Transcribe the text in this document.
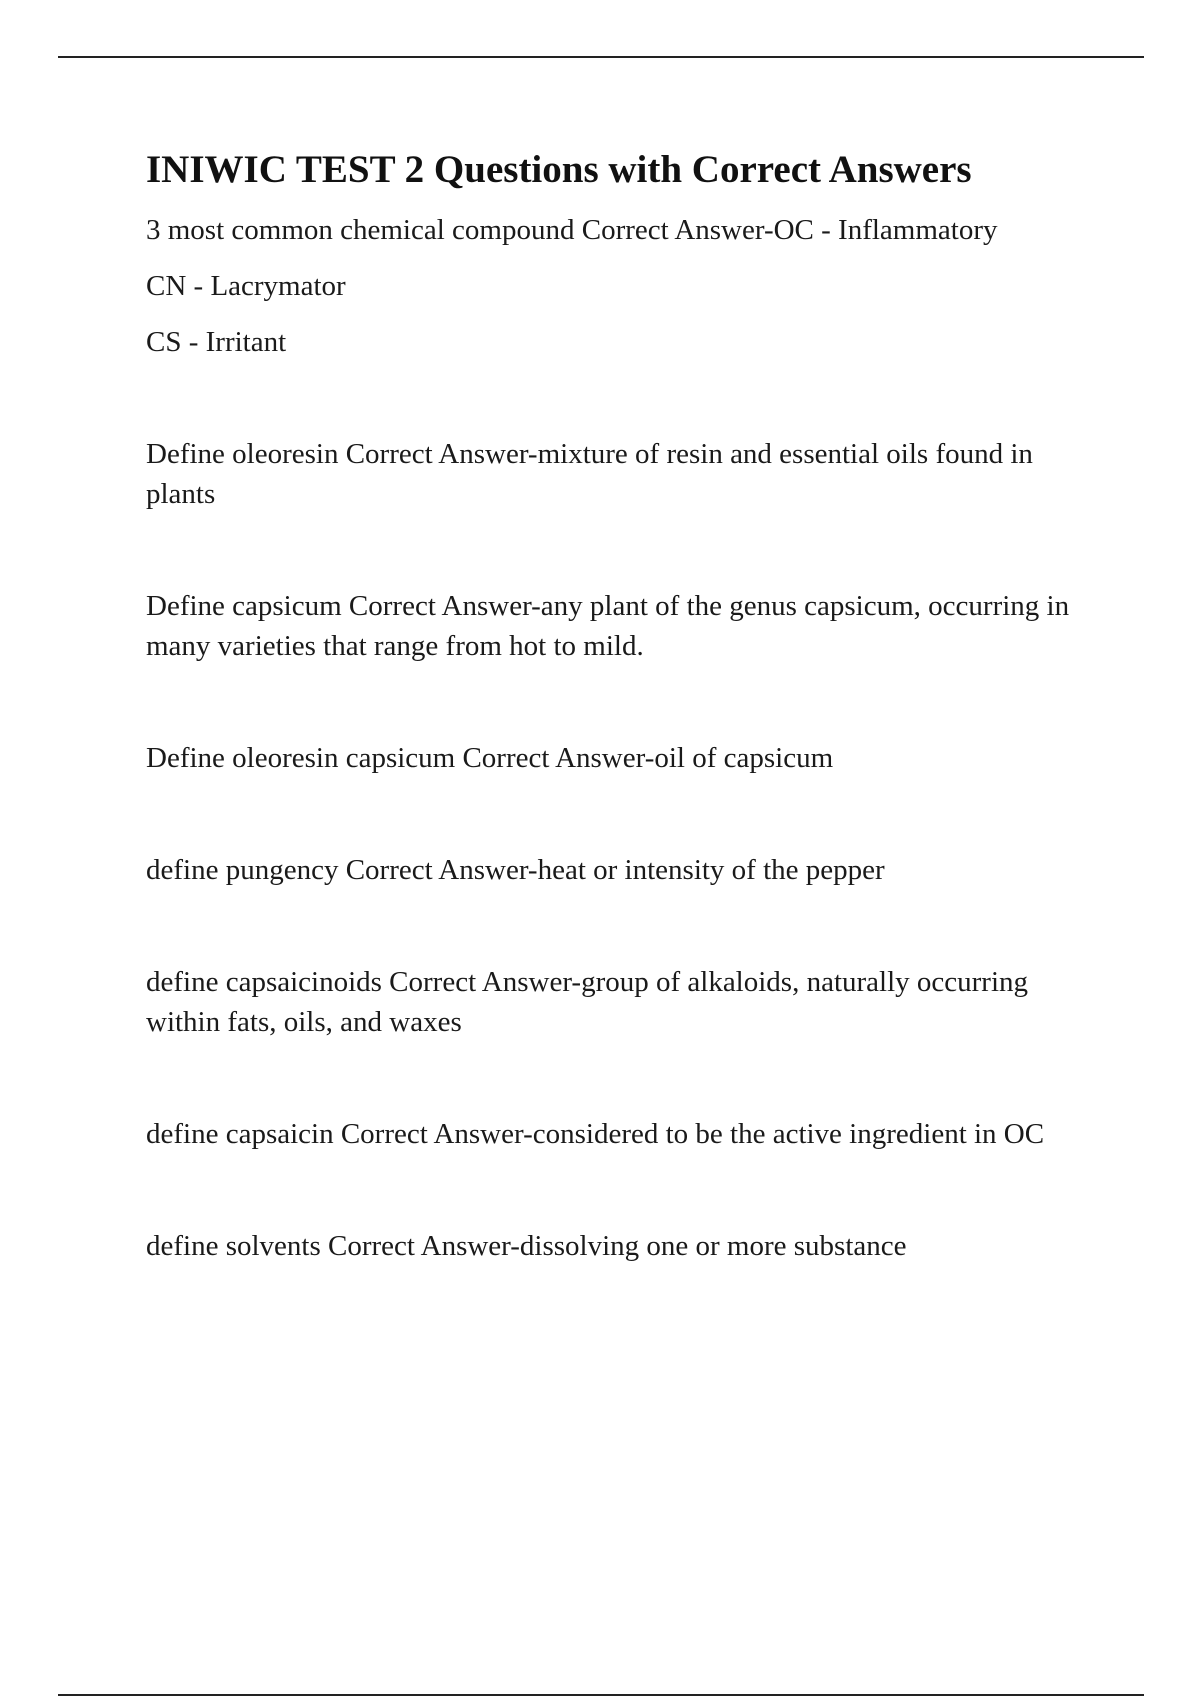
INIWIC TEST 2 Questions with Correct Answers

3 most common chemical compound Correct Answer-OC - Inflammatory

CN - Lacrymator

CS - Irritant

Define oleoresin Correct Answer-mixture of resin and essential oils found in plants

Define capsicum Correct Answer-any plant of the genus capsicum, occurring in many varieties that range from hot to mild.

Define oleoresin capsicum Correct Answer-oil of capsicum

define pungency Correct Answer-heat or intensity of the pepper

define capsaicinoids Correct Answer-group of alkaloids, naturally occurring within fats, oils, and waxes

define capsaicin Correct Answer-considered to be the active ingredient in OC

define solvents Correct Answer-dissolving one or more substance
